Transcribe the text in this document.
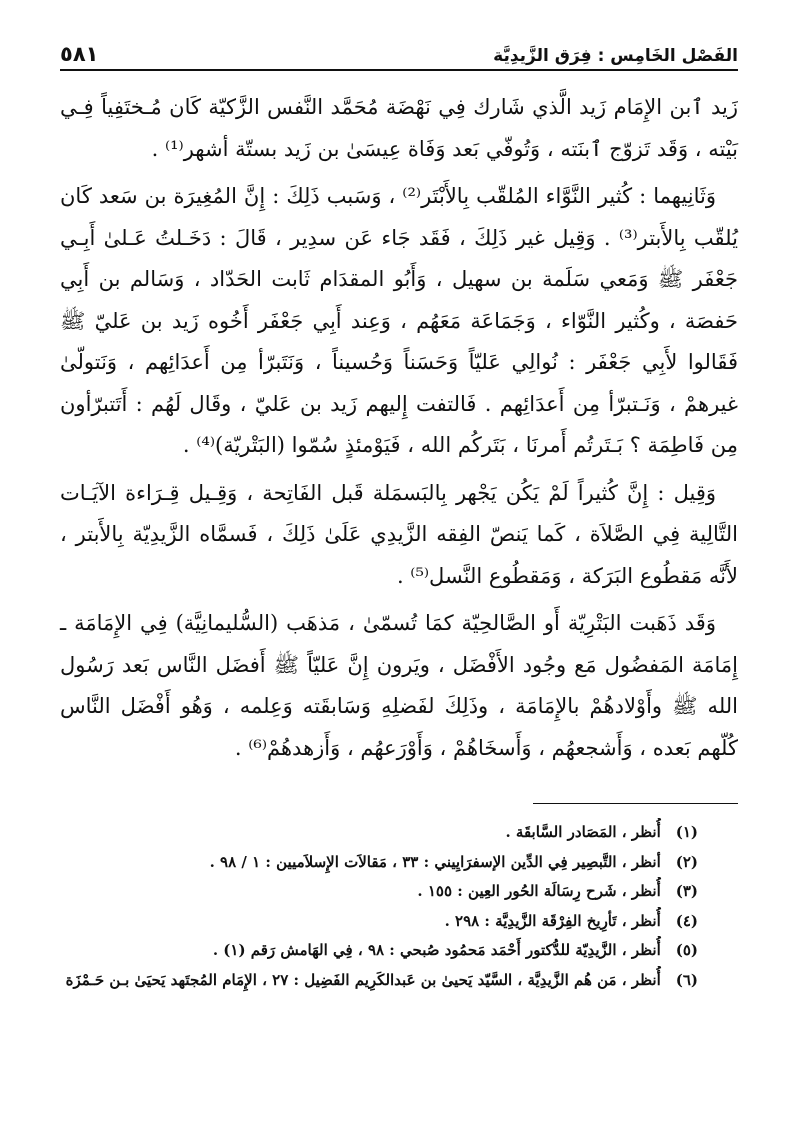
الفَصْل الخَامِس : فِرَق الزَّيدِيَّة
٥٨١

زَيد ٱبن الإِمَام زَيد الَّذي شَارك فِي نَهْضَة مُحَمَّد النَّفس الزَّكيّة كَان مُـختَفِياً فِـي بَيْته ، وَقَد تَزوّج ٱبنَته ، وَتُوفّي بَعد وَفَاة عِيسَىٰ بن زَيد بستّة أشهر⁽¹⁾ .

وَثَانِيهما : كُثير النَّوَّاء المُلقّب بِالأَبْتَر⁽²⁾ ، وَسَبب ذَلِكَ : إِنَّ المُغِيرَة بن سَعد كَان يُلقّب بِالأَبتر⁽³⁾ . وَقِيل غير ذَلِكَ ، فَقَد جَاء عَن سدِير ، قَالَ : دَخَـلتُ عَـلىٰ أَبِـي جَعْفَر ﷺ وَمَعي سَلَمة بن سهيل ، وَأَبُو المقدَام ثَابت الحَدّاد ، وَسَالم بن أَبِي حَفصَة ، وكُثير النَّوّاء ، وَجَمَاعَة مَعَهُم ، وَعِند أَبِي جَعْفَر أَخُوه زَيد بن عَليّ ﷺ فَقَالوا لأَبِي جَعْفَر : نُوالِي عَليّاً وَحَسَناً وَحُسيناً ، وَنَتَبرّأ مِن أَعدَائِهم ، وَنَتولّىٰ غيرهمْ ، وَنَـتبرّأ مِن أَعدَائِهم . فَالتفت إِليهم زَيد بن عَليّ ، وقَال لَهُم : أَتَتبرّأون مِن فَاطِمَة ؟ بَـتَرتُم أَمرنَا ، بَتَركُم الله ، فَيَوْمئذٍ سُمّوا (البَتْريّة)⁽⁴⁾ .

وَقِيل : إِنَّ كُثيراً لَمْ يَكُن يَجْهر بِالبَسمَلة قَبل الفَاتِحة ، وَقِـيل قِـرَاءة الآيَـات التَّالِية فِي الصَّلاَة ، كَما يَنصّ الفِقه الزَّيدِي عَلَىٰ ذَلِكَ ، فَسمَّاه الزَّيدِيّة بِالأَبتر ، لأَنَّه مَقطُوع البَرَكة ، وَمَقطُوع النَّسل⁽⁵⁾ .

وَقَد ذَهَبت البَتْرِيّة أَو الصَّالحِيّة كمَا تُسمّىٰ ، مَذهَب (السُّليمانِيَّة) فِي الإِمَامَة ـ إِمَامَة المَفضُول مَع وجُود الأَفْضَل ، ويَرون إِنَّ عَليّاً ﷺ أَفضَل النَّاس بَعد رَسُول الله ﷺ وأَوْلادهُمْ بالإِمَامَة ، وذَلِكَ لفَضلِهِ وَسَابقَته وَعِلمه ، وَهُو أَفْضَل النَّاس كُلّهم بَعده ، وَأَشجعهُم ، وَأَسخَاهُمْ ، وَأَوْرَعهُم ، وَأَزهدهُمْ⁽⁶⁾ .

(١) أُنظر ، المَصَادر السَّابقَة .
(٢) أنظر ، التَّبصِير فِي الدِّين الإسفرَايِيني : ٣٣ ، مَقالاَت الإِسلاَميين : ١ / ٩٨ .
(٣) أُنظر ، شَرح رِسَالَة الحُور العِين : ١٥٥ .
(٤) أُنظر ، تَأرِيخ الفِرْقَة الزَّيدِيَّة : ٢٩٨ .
(٥) أُنظر ، الزَّيدِيّة للدُّكتور أَحْمَد مَحمُود صُبحي : ٩٨ ، فِي الهَامش رَقم (١) .
(٦) أُنظر ، مَن هُم الزَّيدِيَّة ، السَّيّد يَحيىٰ بن عَبدالكَرِيم الفَضِيل : ٢٧ ، الإِمَام المُجتَهد يَحيَىٰ بـن حَـمْزَة
